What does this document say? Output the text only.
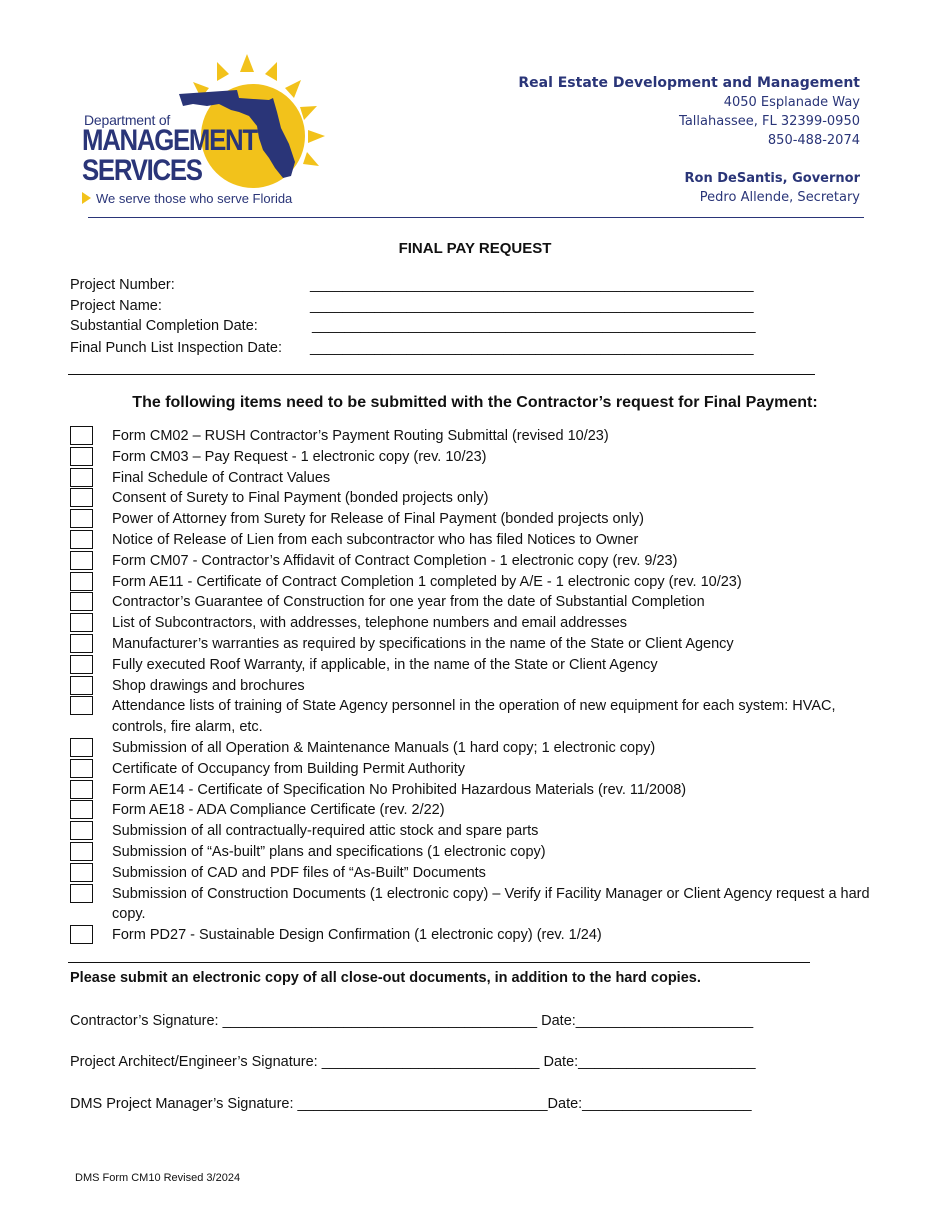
Department of
MANAGEMENT
SERVICES
We serve those who serve Florida
Real Estate Development and Management
4050 Esplanade Way
Tallahassee, FL 32399-0950
850-488-2074
Ron DeSantis, Governor
Pedro Allende, Secretary
FINAL PAY REQUEST
Project Number:	_______________________________________________________
Project Name:	_______________________________________________________
Substantial Completion Date:	_______________________________________________________
Final Punch List Inspection Date: _______________________________________________________
The following items need to be submitted with the Contractor’s request for Final Payment:
Form CM02 – RUSH Contractor’s Payment Routing Submittal (revised 10/23)
Form CM03 – Pay Request - 1 electronic copy (rev. 10/23)
Final Schedule of Contract Values
Consent of Surety to Final Payment (bonded projects only)
Power of Attorney from Surety for Release of Final Payment (bonded projects only)
Notice of Release of Lien from each subcontractor who has filed Notices to Owner
Form CM07 - Contractor’s Affidavit of Contract Completion - 1 electronic copy (rev. 9/23)
Form AE11 - Certificate of Contract Completion 1 completed by A/E - 1 electronic copy (rev. 10/23)
Contractor’s Guarantee of Construction for one year from the date of Substantial Completion
List of Subcontractors, with addresses, telephone numbers and email addresses
Manufacturer’s warranties as required by specifications in the name of the State or Client Agency
Fully executed Roof Warranty, if applicable, in the name of the State or Client Agency
Shop drawings and brochures
Attendance lists of training of State Agency personnel in the operation of new equipment for each system: HVAC, controls, fire alarm, etc.
Submission of all Operation & Maintenance Manuals (1 hard copy; 1 electronic copy)
Certificate of Occupancy from Building Permit Authority
Form AE14 - Certificate of Specification No Prohibited Hazardous Materials (rev. 11/2008)
Form AE18 - ADA Compliance Certificate (rev. 2/22)
Submission of all contractually-required attic stock and spare parts
Submission of “As-built” plans and specifications (1 electronic copy)
Submission of CAD and PDF files of “As-Built” Documents
Submission of Construction Documents (1 electronic copy) – Verify if Facility Manager or Client Agency request a hard copy.
Form PD27 - Sustainable Design Confirmation (1 electronic copy) (rev. 1/24)
Please submit an electronic copy of all close-out documents, in addition to the hard copies.
Contractor’s Signature: _______________________________________ Date:______________________
Project Architect/Engineer’s Signature: ___________________________ Date:______________________
DMS Project Manager’s Signature: _______________________________Date:_____________________
DMS Form CM10 Revised 3/2024
